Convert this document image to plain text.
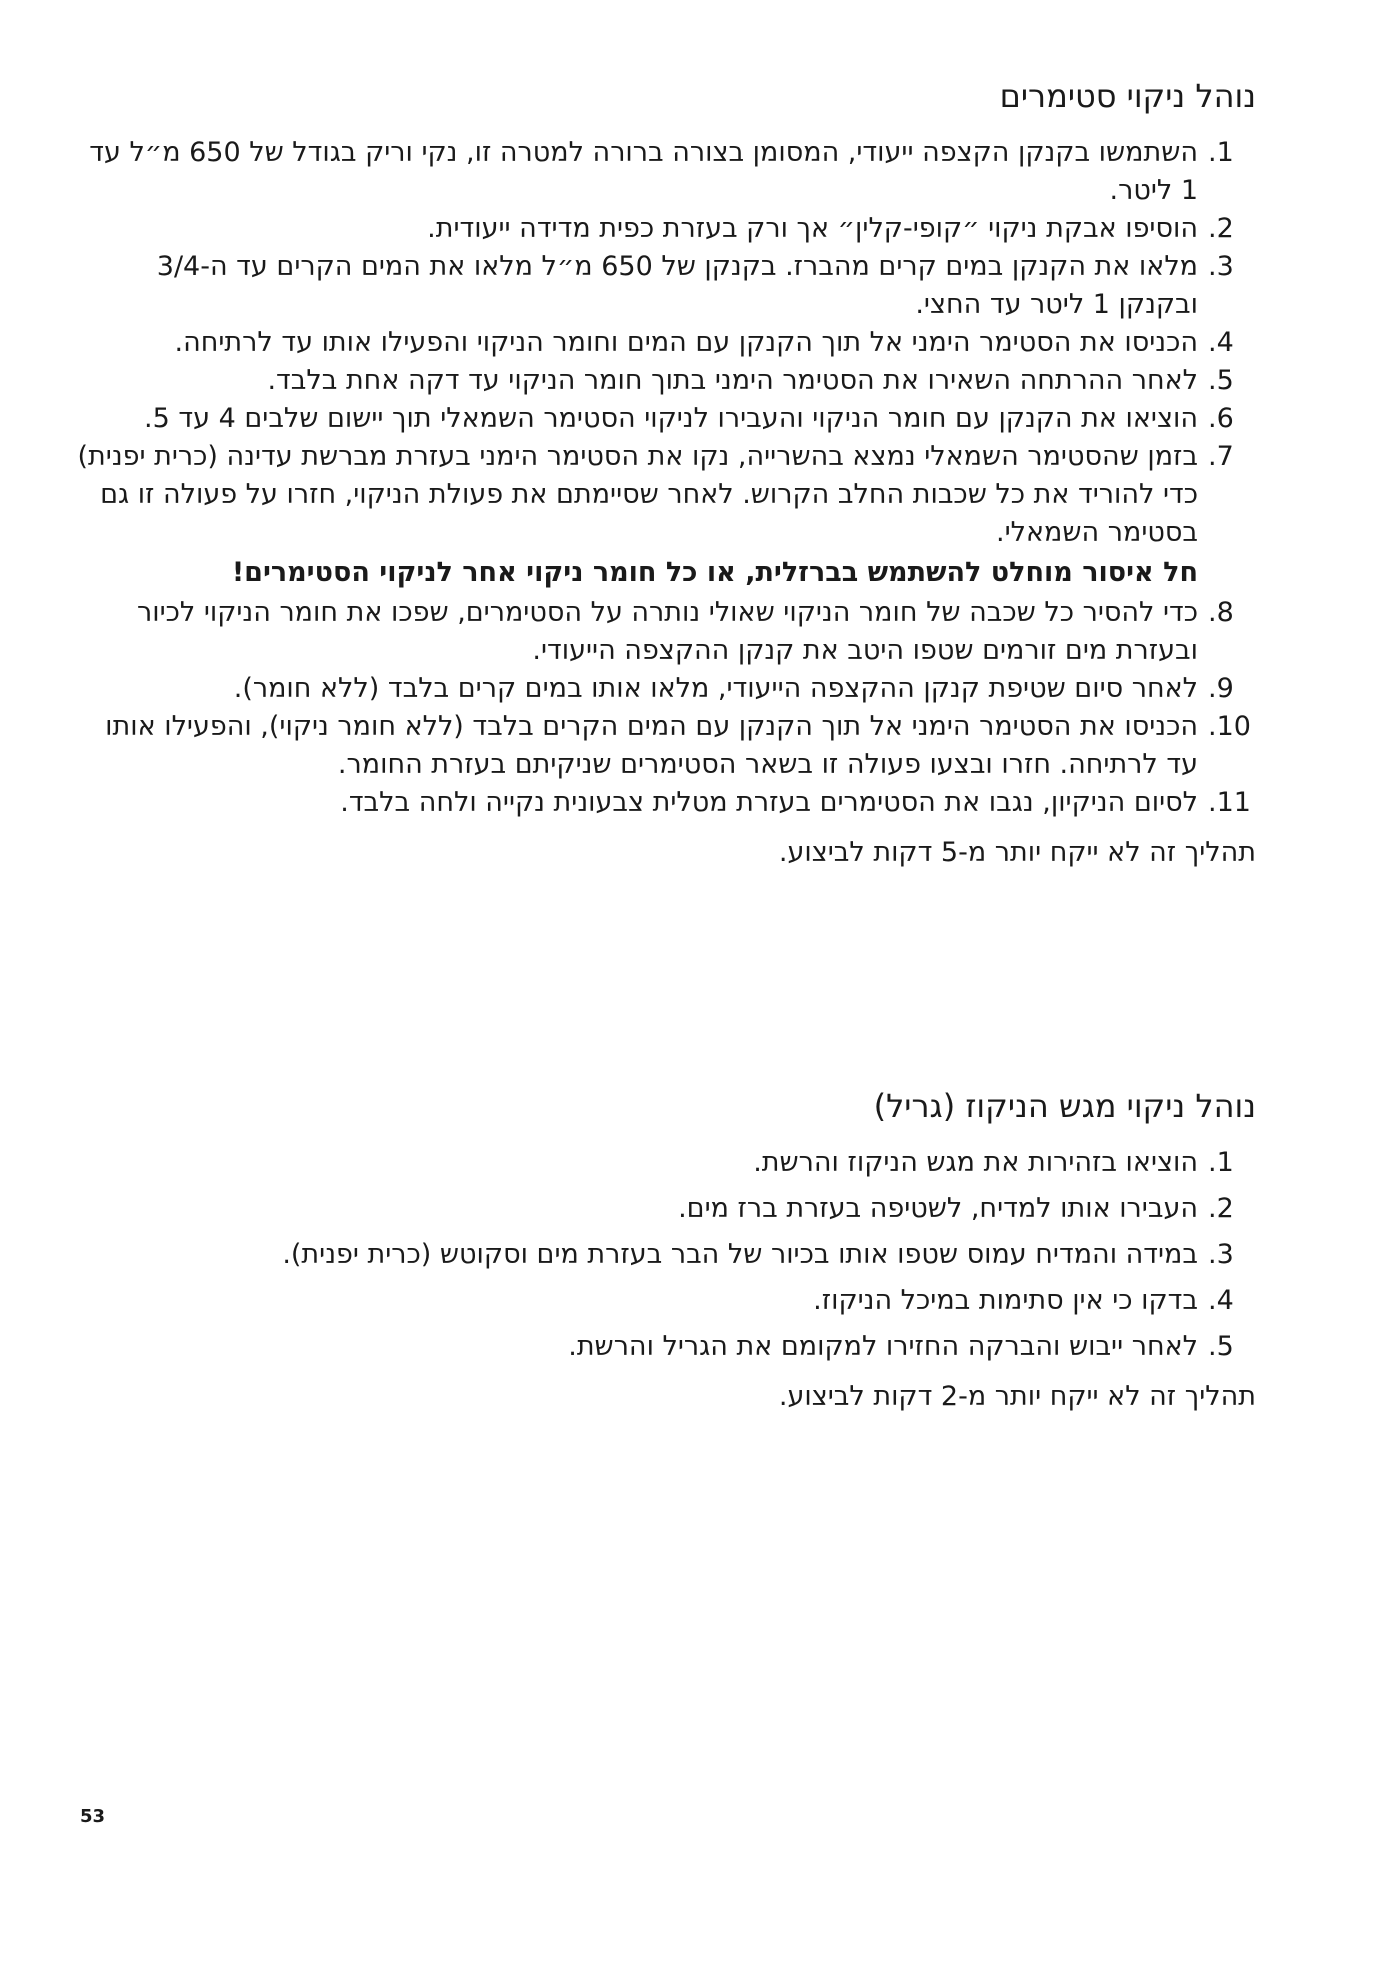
נוהל ניקוי סטימרים
.1
השתמשו בקנקן הקצפה ייעודי, המסומן בצורה ברורה למטרה זו, נקי וריק בגודל של 650 מ״ל עד 1 ליטר.
.2
הוסיפו אבקת ניקוי ״קופי-קלין״ אך ורק בעזרת כפית מדידה ייעודית.
.3
מלאו את הקנקן במים קרים מהברז. בקנקן של 650 מ״ל מלאו את המים הקרים עד ה-3/4 ובקנקן 1 ליטר עד החצי.
.4
הכניסו את הסטימר הימני אל תוך הקנקן עם המים וחומר הניקוי והפעילו אותו עד לרתיחה.
.5
לאחר ההרתחה השאירו את הסטימר הימני בתוך חומר הניקוי עד דקה אחת בלבד.
.6
הוציאו את הקנקן עם חומר הניקוי והעבירו לניקוי הסטימר השמאלי תוך יישום שלבים 4 עד 5.
.7
בזמן שהסטימר השמאלי נמצא בהשרייה, נקו את הסטימר הימני בעזרת מברשת עדינה (כרית יפנית) כדי להוריד את כל שכבות החלב הקרוש. לאחר שסיימתם את פעולת הניקוי, חזרו על פעולה זו גם בסטימר השמאלי.
חל איסור מוחלט להשתמש בברזלית, או כל חומר ניקוי אחר לניקוי הסטימרים!
.8
כדי להסיר כל שכבה של חומר הניקוי שאולי נותרה על הסטימרים, שפכו את חומר הניקוי לכיור ובעזרת מים זורמים שטפו היטב את קנקן ההקצפה הייעודי.
.9
לאחר סיום שטיפת קנקן ההקצפה הייעודי, מלאו אותו במים קרים בלבד (ללא חומר).
.10
הכניסו את הסטימר הימני אל תוך הקנקן עם המים הקרים בלבד (ללא חומר ניקוי), והפעילו אותו עד לרתיחה. חזרו ובצעו פעולה זו בשאר הסטימרים שניקיתם בעזרת החומר.
.11
לסיום הניקיון, נגבו את הסטימרים בעזרת מטלית צבעונית נקייה ולחה בלבד.
תהליך זה לא ייקח יותר מ-5 דקות לביצוע.
נוהל ניקוי מגש הניקוז (גריל)
.1
הוציאו בזהירות את מגש הניקוז והרשת.
.2
העבירו אותו למדיח, לשטיפה בעזרת ברז מים.
.3
במידה והמדיח עמוס שטפו אותו בכיור של הבר בעזרת מים וסקוטש (כרית יפנית).
.4
בדקו כי אין סתימות במיכל הניקוז.
.5
לאחר ייבוש והברקה החזירו למקומם את הגריל והרשת.
תהליך זה לא ייקח יותר מ-2 דקות לביצוע.
53
